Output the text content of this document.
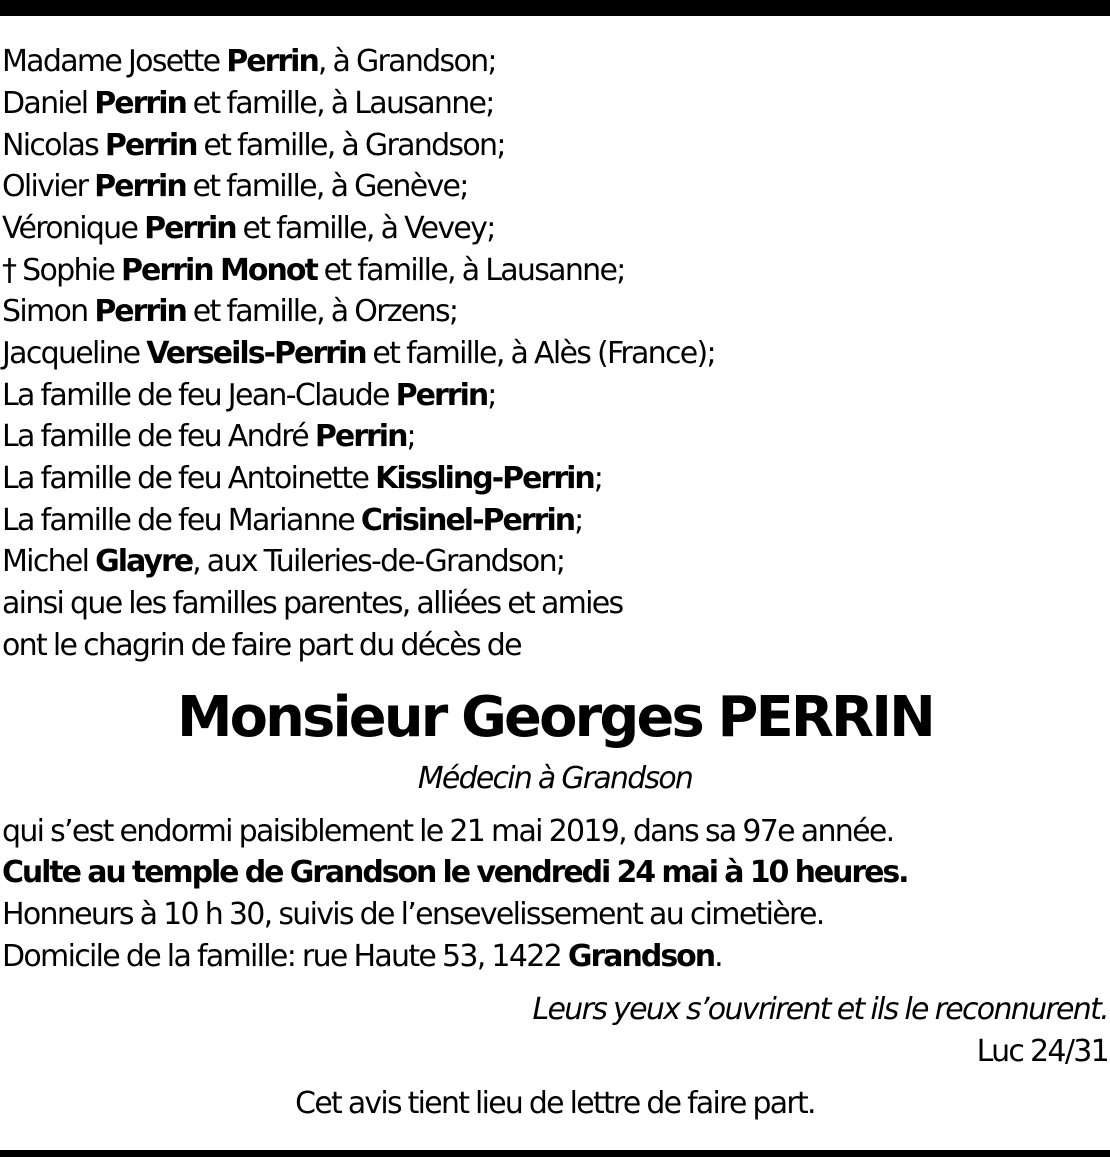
Madame Josette Perrin, à Grandson;
Daniel Perrin et famille, à Lausanne;
Nicolas Perrin et famille, à Grandson;
Olivier Perrin et famille, à Genève;
Véronique Perrin et famille, à Vevey;
† Sophie Perrin Monot et famille, à Lausanne;
Simon Perrin et famille, à Orzens;
Jacqueline Verseils-Perrin et famille, à Alès (France);
La famille de feu Jean-Claude Perrin;
La famille de feu André Perrin;
La famille de feu Antoinette Kissling-Perrin;
La famille de feu Marianne Crisinel-Perrin;
Michel Glayre, aux Tuileries-de-Grandson;
ainsi que les familles parentes, alliées et amies
ont le chagrin de faire part du décès de
Monsieur Georges PERRIN
Médecin à Grandson
qui s’est endormi paisiblement le 21 mai 2019, dans sa 97e année.
Culte au temple de Grandson le vendredi 24 mai à 10 heures.
Honneurs à 10 h 30, suivis de l’ensevelissement au cimetière.
Domicile de la famille: rue Haute 53, 1422 Grandson.
Leurs yeux s’ouvrirent et ils le reconnurent.
Luc 24/31
Cet avis tient lieu de lettre de faire part.
